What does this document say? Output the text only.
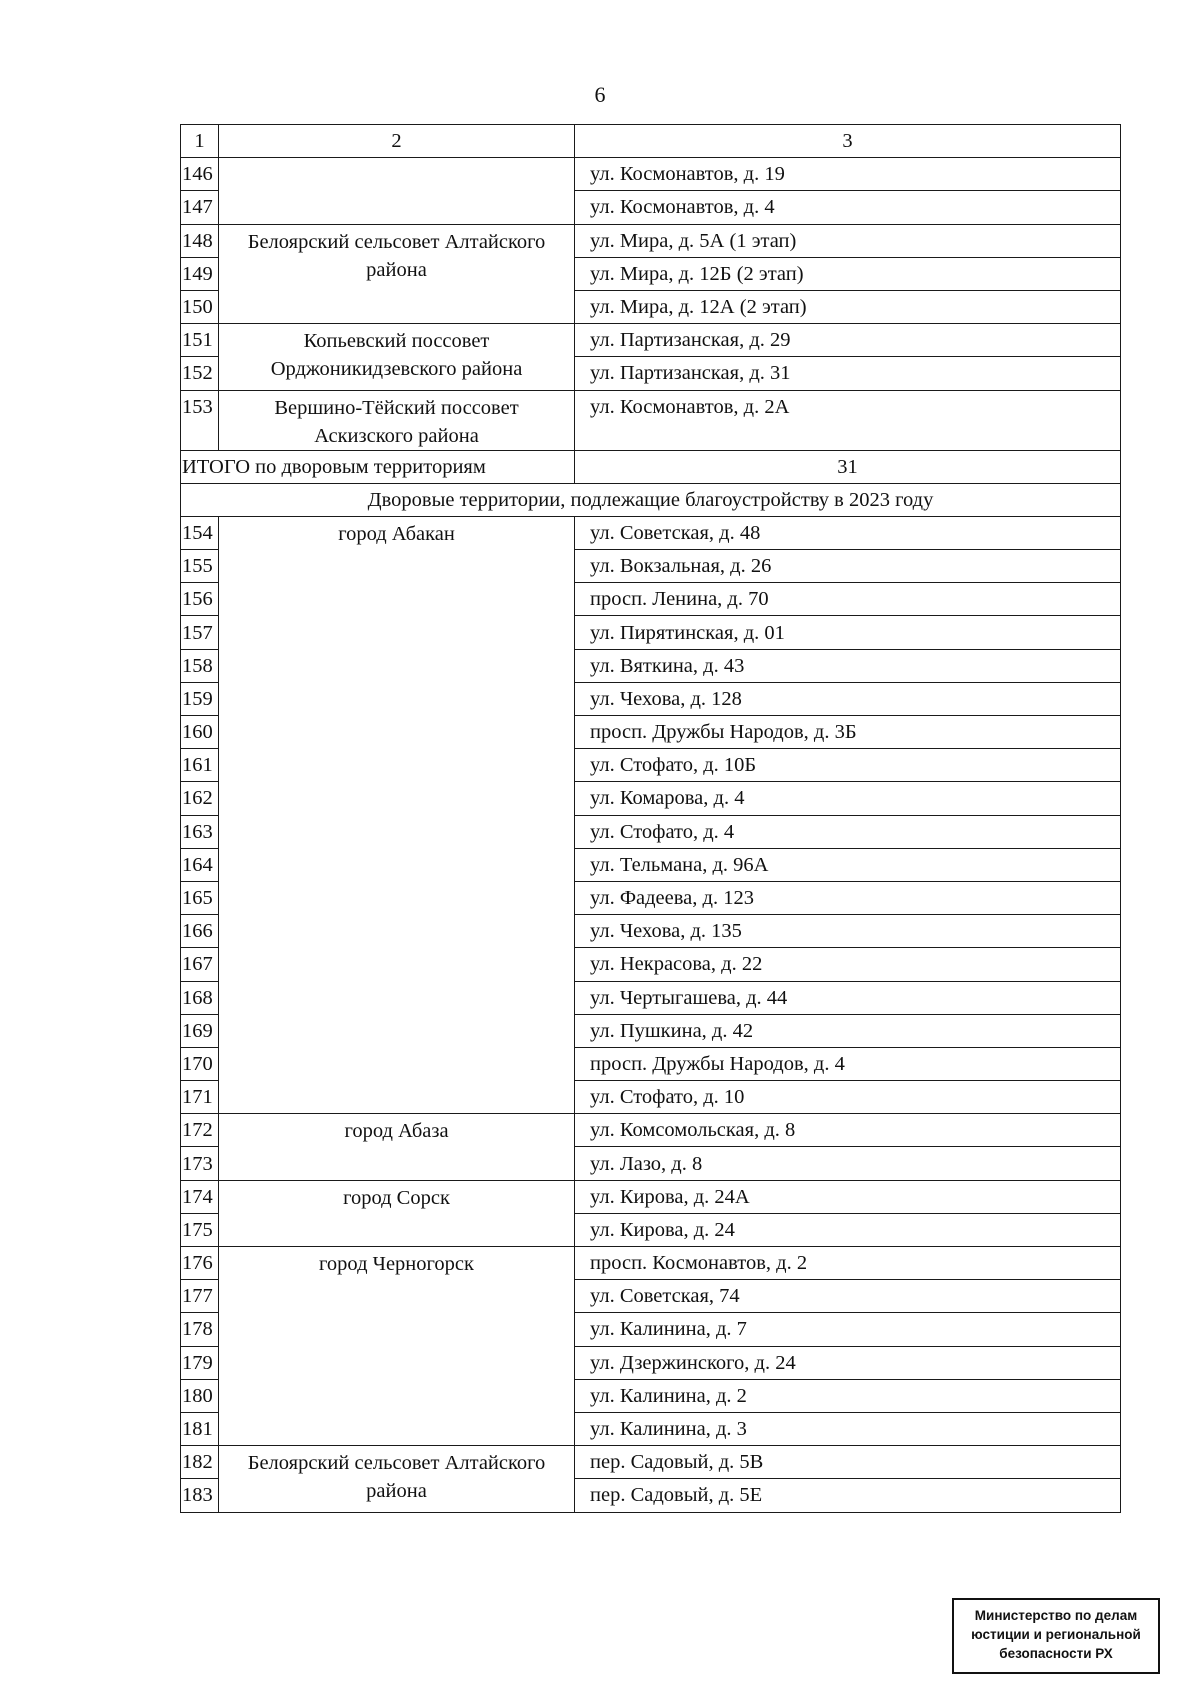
6
1	2	3
146		ул. Космонавтов, д. 19
147		ул. Космонавтов, д. 4
148	Белоярский сельсовет Алтайского района	ул. Мира, д. 5А (1 этап)
149		ул. Мира, д. 12Б (2 этап)
150		ул. Мира, д. 12А (2 этап)
151	Копьевский поссовет Орджоникидзевского района	ул. Партизанская, д. 29
152		ул. Партизанская, д. 31
153	Вершино-Тёйский поссовет Аскизского района	ул. Космонавтов, д. 2А
ИТОГО по дворовым территориям		31
Дворовые территории, подлежащие благоустройству в 2023 году		
154	город Абакан	ул. Советская, д. 48
155		ул. Вокзальная, д. 26
156		просп. Ленина, д. 70
157		ул. Пирятинская, д. 01
158		ул. Вяткина, д. 43
159		ул. Чехова, д. 128
160		просп. Дружбы Народов, д. 3Б
161		ул. Стофато, д. 10Б
162		ул. Комарова, д. 4
163		ул. Стофато, д. 4
164		ул. Тельмана, д. 96А
165		ул. Фадеева, д. 123
166		ул. Чехова, д. 135
167		ул. Некрасова, д. 22
168		ул. Чертыгашева, д. 44
169		ул. Пушкина, д. 42
170		просп. Дружбы Народов, д. 4
171		ул. Стофато, д. 10
172	город Абаза	ул. Комсомольская, д. 8
173		ул. Лазо, д. 8
174	город Сорск	ул. Кирова, д. 24А
175		ул. Кирова, д. 24
176	город Черногорск	просп. Космонавтов, д. 2
177		ул. Советская, 74
178		ул. Калинина, д. 7
179		ул. Дзержинского, д. 24
180		ул. Калинина, д. 2
181		ул. Калинина, д. 3
182	Белоярский сельсовет Алтайского района	пер. Садовый, д. 5В
183		пер. Садовый, д. 5Е
Министерство по делам
юстиции и региональной
безопасности РХ
